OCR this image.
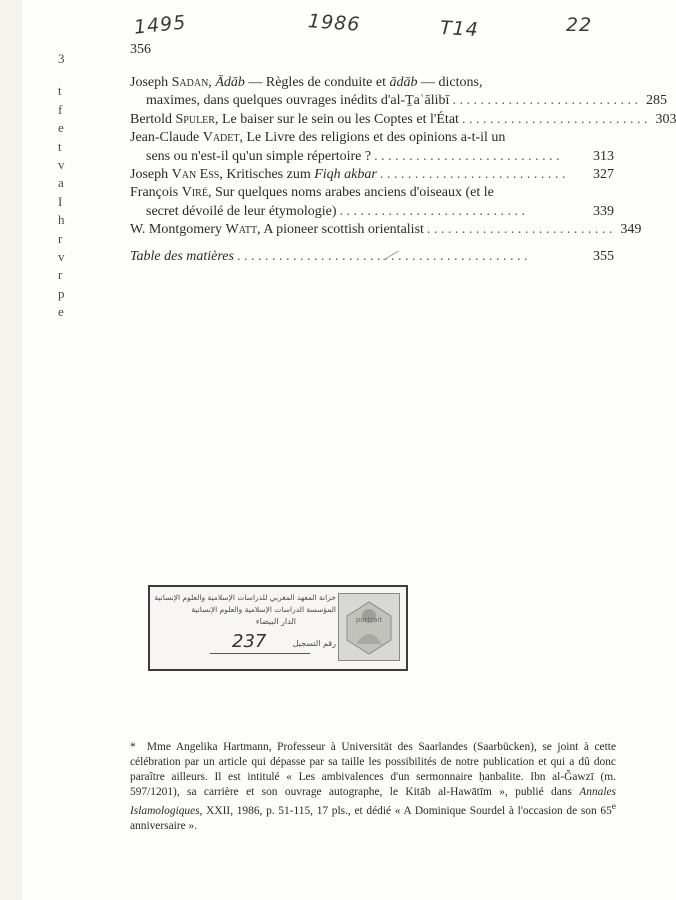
3
t
f
e
t
v
a
I
h
r
v
r
p
e
1495	1986	T14	22
356
Joseph Sadan, Ādāb — Règles de conduite et ādāb — dictons,
maximes, dans quelques ouvrages inédits d'al-Ṯaʿālibī . . . . . . . . . . . . . . . . . . . . . . . . . . . 285
Bertold Spuler, Le baiser sur le sein ou les Coptes et l'État . . . . . . . . . . . . . . . . . . . . . . . . . . . 303
Jean-Claude Vadet, Le Livre des religions et des opinions a-t-il un
sens ou n'est-il qu'un simple répertoire ? . . . . . . . . . . . . . . . . . . . . . . . . . . .	313
Joseph Van Ess, Kritisches zum Fiqh akbar . . . . . . . . . . . . . . . . . . . . . . . . . . .	327
François Viré, Sur quelques noms arabes anciens d'oiseaux (et le
secret dévoilé de leur étymologie) . . . . . . . . . . . . . . . . . . . . . . . . . . .	339
W. Montgomery Watt, A pioneer scottish orientalist . . . . . . . . . . . . . . . . . . . . . . . . . . . 349
Table des matières . . . . . . . . . . . . . . . . . . . . . . . . . . . . . . . . . . . . . . . . . .	355
خزانة المعهد المغربي للدراسات الإسلامية والعلوم الإنسانية
المؤسسة الدراسات الإسلامية والعلوم الإنسانية
الدار البيضاء
رقم التسجيل
237
portrait

* Mme Angelika Hartmann, Professeur à Universität des Saarlandes (Saarbücken), se joint à cette célébration par un article qui dépasse par sa taille les possibilités de notre publication et qui a dû donc paraître ailleurs. Il est intitulé « Les ambivalences d'un sermonnaire ḥanbalite. Ibn al-Ǧawzī (m. 597/1201), sa carrière et son ouvrage autographe, le Kitāb al-Hawātīm », publié dans Annales Islamologiques, XXII, 1986, p. 51-115, 17 pls., et dédié « A Dominique Sourdel à l'occasion de son 65e anniversaire ».
